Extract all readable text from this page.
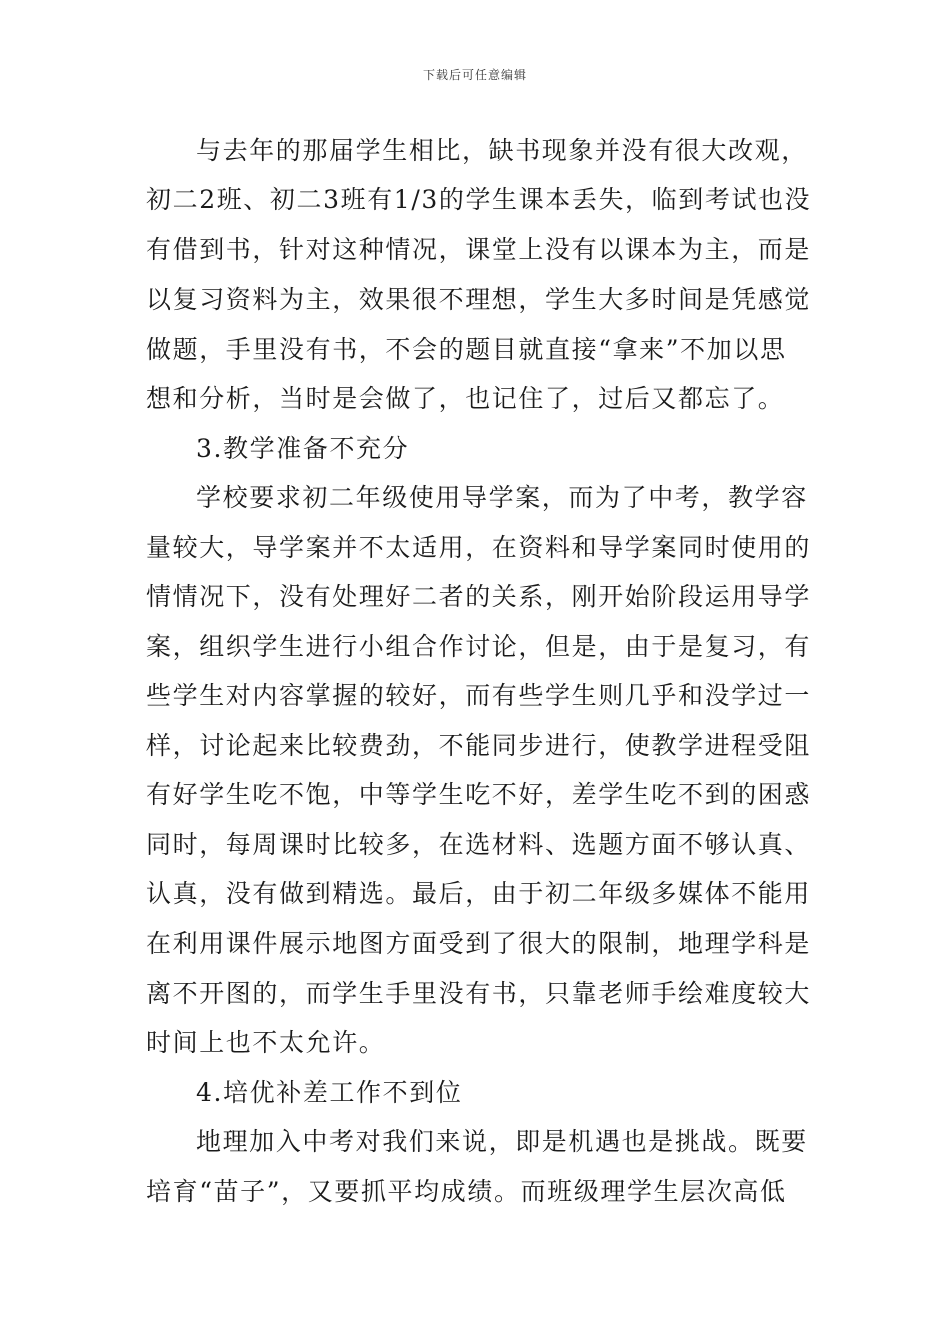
下载后可任意编辑
与去年的那届学生相比，缺书现象并没有很大改观，
初二2班、初二3班有1/3的学生课本丢失，临到考试也没
有借到书，针对这种情况，课堂上没有以课本为主，而是
以复习资料为主，效果很不理想，学生大多时间是凭感觉
做题，手里没有书，不会的题目就直接“拿来”不加以思
想和分析，当时是会做了，也记住了，过后又都忘了。
3.教学准备不充分
学校要求初二年级使用导学案，而为了中考，教学容
量较大，导学案并不太适用，在资料和导学案同时使用的
情情况下，没有处理好二者的关系，刚开始阶段运用导学
案，组织学生进行小组合作讨论，但是，由于是复习，有
些学生对内容掌握的较好，而有些学生则几乎和没学过一
样，讨论起来比较费劲，不能同步进行，使教学进程受阻
有好学生吃不饱，中等学生吃不好，差学生吃不到的困惑
同时，每周课时比较多，在选材料、选题方面不够认真、
认真，没有做到精选。最后，由于初二年级多媒体不能用
在利用课件展示地图方面受到了很大的限制，地理学科是
离不开图的，而学生手里没有书，只靠老师手绘难度较大
时间上也不太允许。
4.培优补差工作不到位
地理加入中考对我们来说，即是机遇也是挑战。既要
培育“苗子”，又要抓平均成绩。而班级理学生层次高低
